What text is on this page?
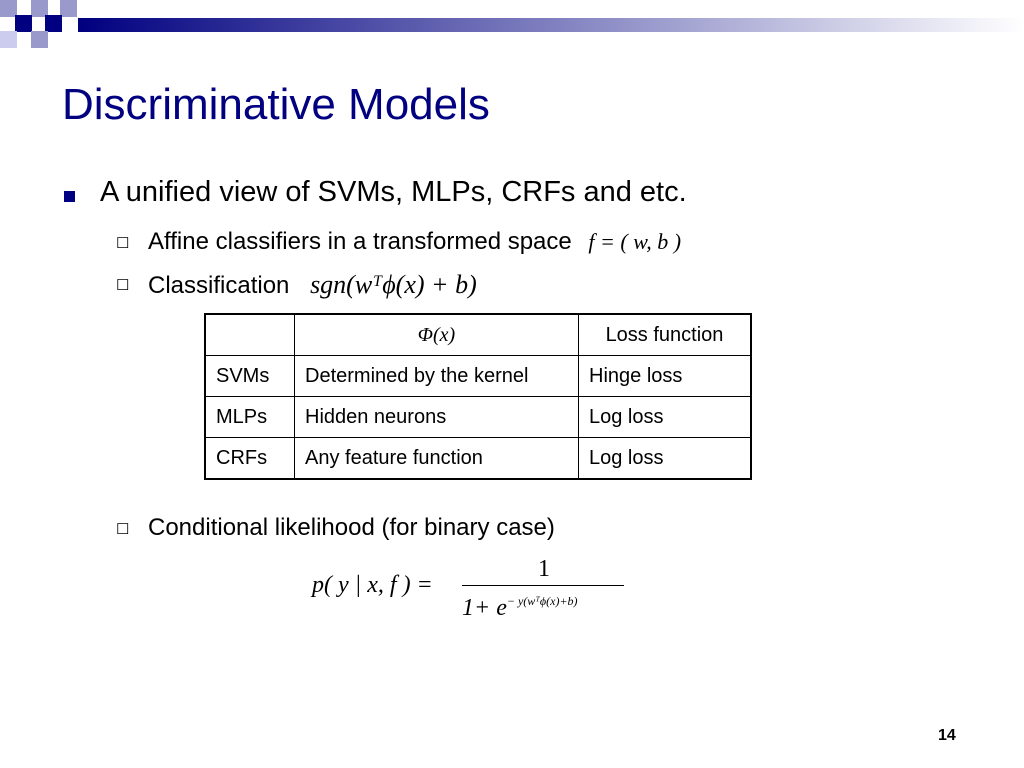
Discriminative Models
A unified view of SVMs, MLPs, CRFs and etc.
☐ Affine classifiers in a transformed space f = ( w, b )
☐ Classification sgn(wᵀϕ(x) + b)
	Φ(x)	Loss function
SVMs	Determined by the kernel	Hinge loss
MLPs	Hidden neurons	Log loss
CRFs	Any feature function	Log loss
☐ Conditional likelihood (for binary case)
p( y | x, f ) =
1
$1+ e^{- y(wᵀ\phi(x)+b)}$
14
